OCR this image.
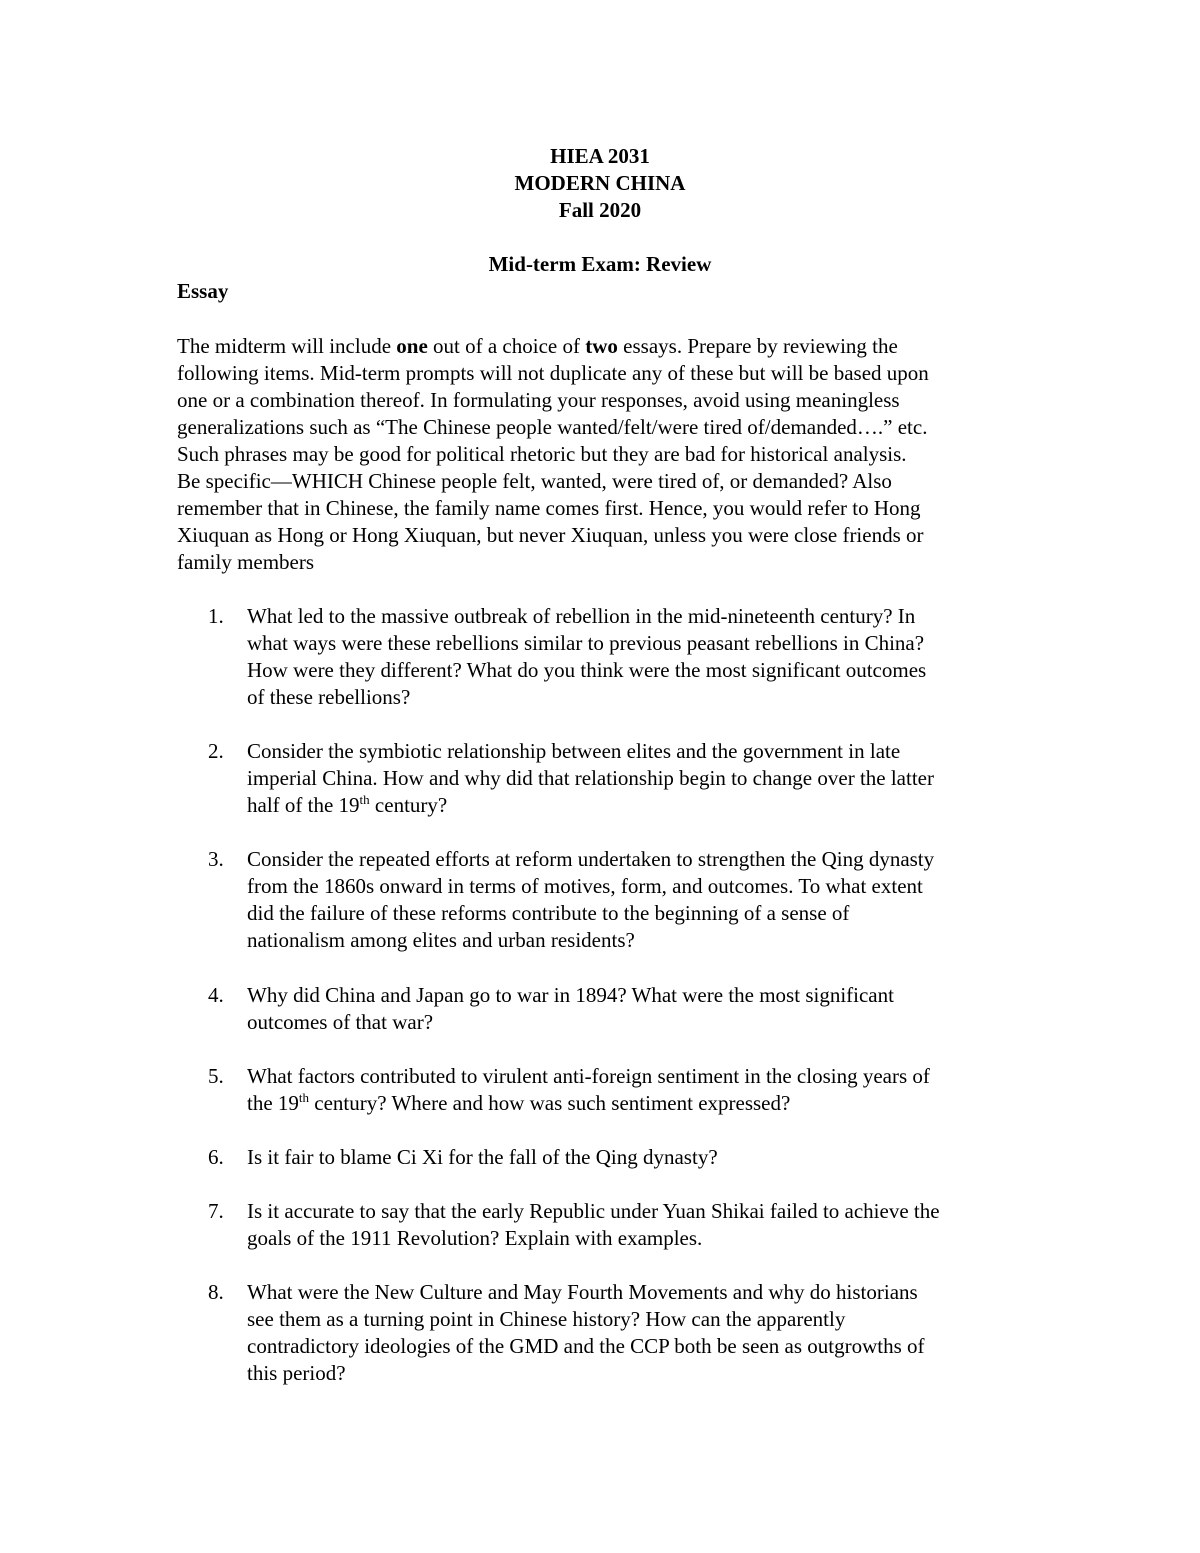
HIEA 2031
MODERN CHINA
Fall 2020
Mid-term Exam: Review
Essay
The midterm will include one out of a choice of two essays. Prepare by reviewing the
following items. Mid-term prompts will not duplicate any of these but will be based upon
one or a combination thereof. In formulating your responses, avoid using meaningless
generalizations such as “The Chinese people wanted/felt/were tired of/demanded….” etc.
Such phrases may be good for political rhetoric but they are bad for historical analysis.
Be specific—WHICH Chinese people felt, wanted, were tired of, or demanded? Also
remember that in Chinese, the family name comes first. Hence, you would refer to Hong
Xiuquan as Hong or Hong Xiuquan, but never Xiuquan, unless you were close friends or
family members
1.	What led to the massive outbreak of rebellion in the mid-nineteenth century? In
what ways were these rebellions similar to previous peasant rebellions in China?
How were they different? What do you think were the most significant outcomes
of these rebellions?
2.	Consider the symbiotic relationship between elites and the government in late
imperial China. How and why did that relationship begin to change over the latter
half of the 19th century?
3.	Consider the repeated efforts at reform undertaken to strengthen the Qing dynasty
from the 1860s onward in terms of motives, form, and outcomes. To what extent
did the failure of these reforms contribute to the beginning of a sense of
nationalism among elites and urban residents?
4.	Why did China and Japan go to war in 1894? What were the most significant
outcomes of that war?
5.	What factors contributed to virulent anti-foreign sentiment in the closing years of
the 19th century? Where and how was such sentiment expressed?
6.	Is it fair to blame Ci Xi for the fall of the Qing dynasty?
7.	Is it accurate to say that the early Republic under Yuan Shikai failed to achieve the
goals of the 1911 Revolution? Explain with examples.
8.	What were the New Culture and May Fourth Movements and why do historians
see them as a turning point in Chinese history? How can the apparently
contradictory ideologies of the GMD and the CCP both be seen as outgrowths of
this period?
